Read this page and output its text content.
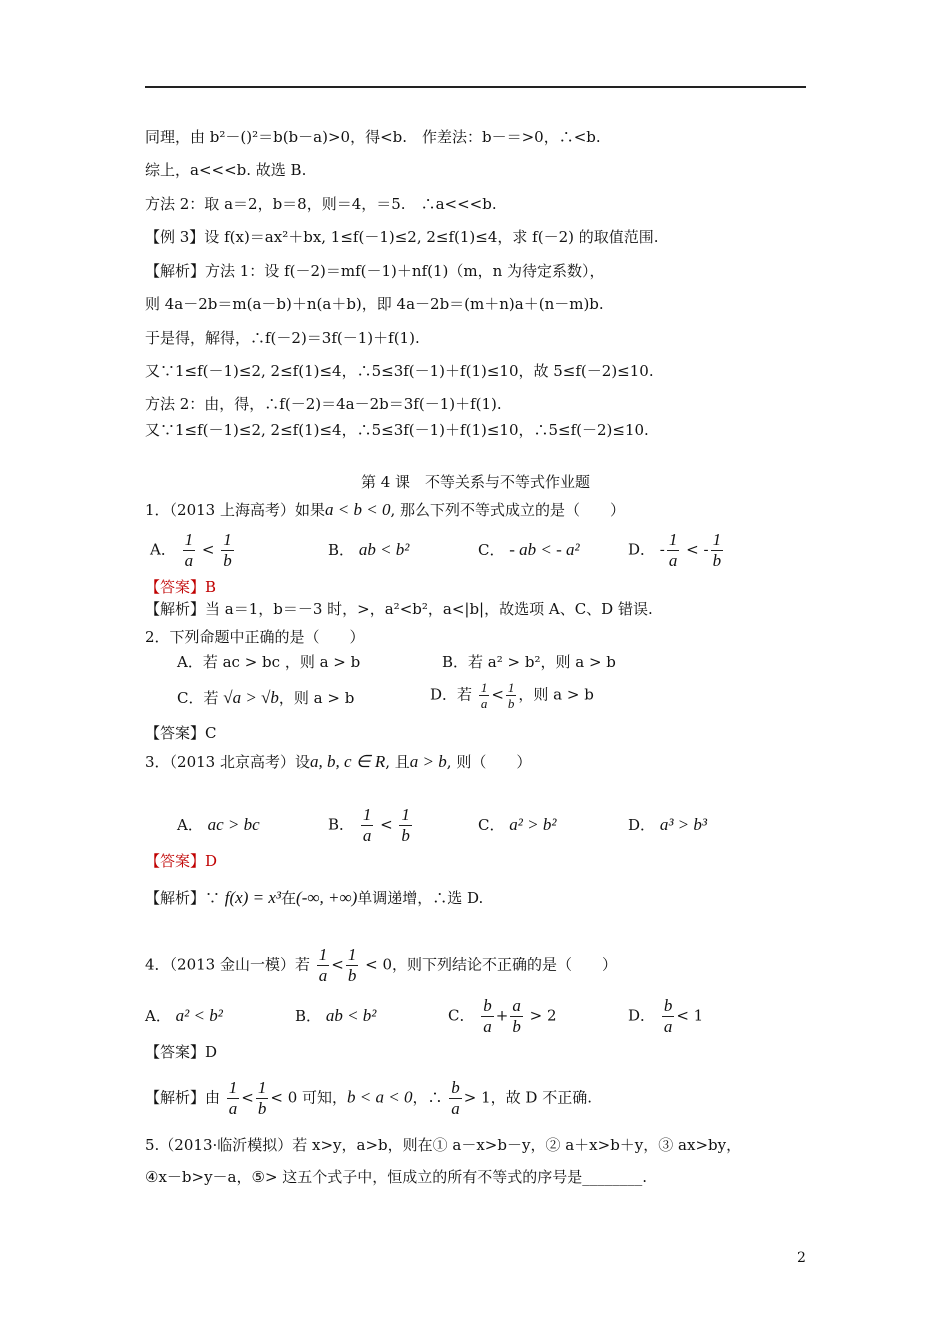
同理，由 b²－()²＝b(b－a)>0，得<b.　作差法：b－＝>0，∴<b.
综上，a<<<b. 故选 B.
方法 2：取 a＝2，b＝8，则＝4，＝5.　∴a<<<b.
【例 3】设 f(x)＝ax²＋bx, 1≤f(－1)≤2, 2≤f(1)≤4，求 f(－2) 的取值范围.
【解析】方法 1：设 f(－2)＝mf(－1)＋nf(1)（m，n 为待定系数），
则 4a－2b＝m(a－b)＋n(a＋b)，即 4a－2b＝(m＋n)a＋(n－m)b.
于是得，解得，∴f(－2)＝3f(－1)＋f(1).
又∵1≤f(－1)≤2, 2≤f(1)≤4，∴5≤3f(－1)＋f(1)≤10，故 5≤f(－2)≤10.
方法 2：由，得，∴f(－2)＝4a－2b＝3f(－1)＋f(1).
又∵1≤f(－1)≤2, 2≤f(1)≤4，∴5≤3f(－1)＋f(1)≤10，∴5≤f(－2)≤10.
第 4 课　不等关系与不等式作业题
1．（2013 上海高考）如果a < b < 0, 那么下列不等式成立的是（　　）
A． $\frac{1}{a} < \frac{1}{b}$	B． ab < b²	C． - ab < - a²	D． - $\frac{1}{a}$ < - $\frac{1}{b}$
【答案】B
【解析】当 a＝1，b＝－3 时，>，a²<b²，a<|b|，故选项 A、C、D 错误.
2．下列命题中正确的是（　　）
A．若 ac > bc ，则 a > b	B．若 a² > b²，则 a > b
C．若 √a > √b，则 a > b	D．若 $\frac{1}{a} < \frac{1}{b}$ ，则 a > b
【答案】C
3．（2013 北京高考）设a, b, c ∈ R, 且a > b, 则（　　）
A． ac > bc	B． $\frac{1}{a} < \frac{1}{b}$	C． a² > b²	D． a³ > b³
【答案】D
【解析】∵ f(x) = x³在(-∞, +∞)单调递增，∴选 D.
4．（2013 金山一模）若 $\frac{1}{a} < \frac{1}{b} < 0$，则下列结论不正确的是（　　）
A． a² < b²	B． ab < b²	C． $\frac{b}{a} + \frac{a}{b} > 2$	D． $\frac{b}{a} < 1$
【答案】D
【解析】由 $\frac{1}{a} < \frac{1}{b} < 0$ 可知，b < a < 0，∴ $\frac{b}{a} > 1$，故 D 不正确.
5.（2013·临沂模拟）若 x>y，a>b，则在① a－x>b－y，② a＋x>b＋y，③ ax>by，
④x－b>y－a，⑤> 这五个式子中，恒成立的所有不等式的序号是________.
2
